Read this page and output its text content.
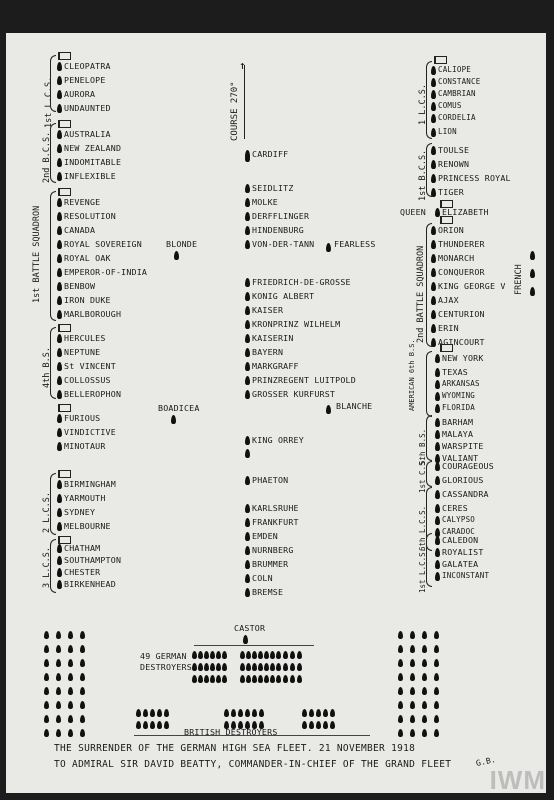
1st L.C.S.
CLEOPATRA
PENELOPE
AURORA
UNDAUNTED
2nd B.C.S. AUSTRALIA
NEW ZEALAND
INDOMITABLE
INFLEXIBLE
1st BATTLE SQUADRON
REVENGE
RESOLUTION
CANADA
ROYAL SOVEREIGN
ROYAL OAK
EMPEROR-OF-INDIA
BENBOW
IRON DUKE
MARLBOROUGH
4th B.S.
HERCULES
NEPTUNE
St VINCENT
COLLOSSUS
BELLEROPHON
FURIOUS
VINDICTIVE
MINOTAUR
2 L.C.S.
BIRMINGHAM
YARMOUTH
SYDNEY
MELBOURNE
3 L.C.S. CHATHAM
SOUTHAMPTON
CHESTER
BIRKENHEAD
COURSE 270°
↑
CARDIFF
SEIDLITZ
MOLKE
DERFFLINGER
HINDENBURG
VON-DER-TANN
FRIEDRICH-DE-GROSSE
KONIG ALBERT
KAISER
KRONPRINZ WILHELM
KAISERIN
BAYERN
MARKGRAFF
PRINZREGENT LUITPOLD
GROSSER KURFURST
KING ORREY
PHAETON
KARLSRUHE
FRANKFURT
EMDEN
NURNBERG
BRUMMER
COLN
BREMSE
CASTOR
BLONDE	FEARLESS
BOADICEA	BLANCHE
1 L.C.S.
CALIOPE
CONSTANCE
CAMBRIAN
COMUS
CORDELIA
LION
1st B.C.S. TOULSE
RENOWN
PRINCESS ROYAL
TIGER
QUEEN ELIZABETH
2nd BATTLE SQUADRON
ORION
THUNDERER
MONARCH
CONQUEROR
KING GEORGE V
AJAX
CENTURION
ERIN
AGINCOURT
AMERICAN 6th B.S.	NEW YORK
TEXAS
ARKANSAS
WYOMING
FLORIDA
5th B.S.
BARHAM
MALAYA
WARSPITE
VALIANT
1st C.S. COURAGEOUS
GLORIOUS
6th L.C.S.
CASSANDRA
CERES
CALYPSO
CARADOC
1st L.C.S.
CALEDON
ROYALIST
GALATEA
INCONSTANT
FRENCH
49 GERMAN DESTROYERS
BRITISH DESTROYERS
THE SURRENDER OF THE GERMAN HIGH SEA FLEET. 21 NOVEMBER 1918
TO ADMIRAL SIR DAVID BEATTY, COMMANDER-IN-CHIEF OF THE GRAND FLEET	G.B.
IWM
